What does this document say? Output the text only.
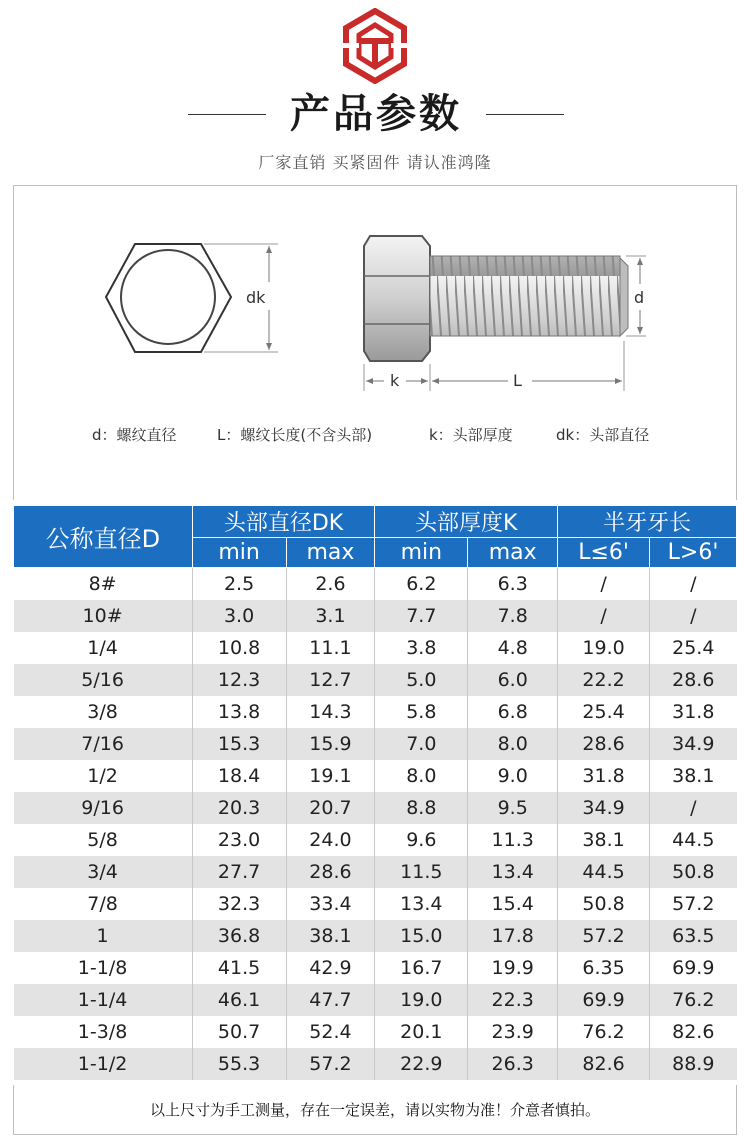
产品参数
厂家直销 买紧固件 请认准鸿隆
dk	d
k	L
d：螺纹直径	L：螺纹长度(不含头部)	k：头部厚度	dk：头部直径
公称直径D	头部直径DK		头部厚度K		半牙牙长	
	min	max	min	max	L≤6'	L>6'
8#	2.5	2.6	6.2	6.3	/	/
10#	3.0	3.1	7.7	7.8	/	/
1/4	10.8	11.1	3.8	4.8	19.0	25.4
5/16	12.3	12.7	5.0	6.0	22.2	28.6
3/8	13.8	14.3	5.8	6.8	25.4	31.8
7/16	15.3	15.9	7.0	8.0	28.6	34.9
1/2	18.4	19.1	8.0	9.0	31.8	38.1
9/16	20.3	20.7	8.8	9.5	34.9	/
5/8	23.0	24.0	9.6	11.3	38.1	44.5
3/4	27.7	28.6	11.5	13.4	44.5	50.8
7/8	32.3	33.4	13.4	15.4	50.8	57.2
1	36.8	38.1	15.0	17.8	57.2	63.5
1-1/8	41.5	42.9	16.7	19.9	6.35	69.9
1-1/4	46.1	47.7	19.0	22.3	69.9	76.2
1-3/8	50.7	52.4	20.1	23.9	76.2	82.6
1-1/2	55.3	57.2	22.9	26.3	82.6	88.9
以上尺寸为手工测量，存在一定误差，请以实物为准！介意者慎拍。
